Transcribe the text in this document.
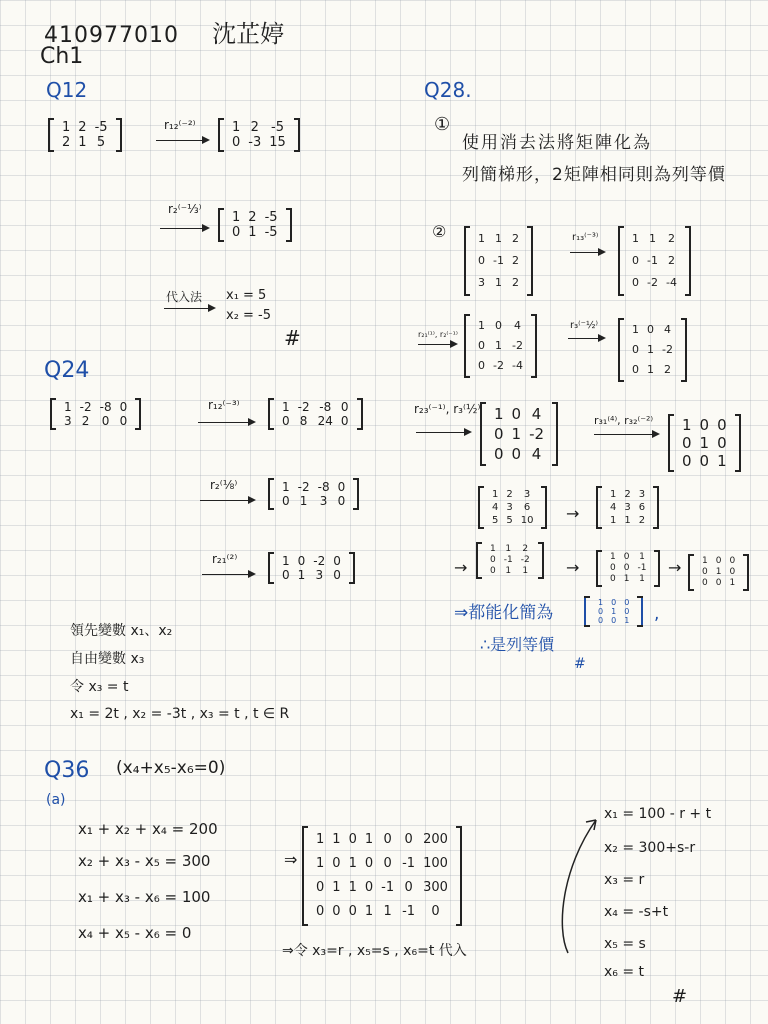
410977010 沈芷婷
Ch1
Q12
1	2	-5
2	1	5
r₁₂⁽⁻²⁾	1	2	-5
0	-3	15
r₂⁽⁻⅓⁾
1	2	-5
0	1	-5
代入法 x₁ = 5
x₂ = -5
#
Q24
1	-2	-8	0
3	2	0	0
r₁₂⁽⁻³⁾	1	-2	-8	0
0	8	24	0
r₂⁽⅛⁾	1	-2	-8	0
0	1	3	0
r₂₁⁽²⁾	1	0	-2	0
0	1	3	0
領先變數 x₁、x₂
自由變數 x₃
令 x₃ = t
x₁ = 2t , x₂ = -3t , x₃ = t , t ∈ R
Q28.
①
使用消去法將矩陣化為
列簡梯形，2矩陣相同則為列等價
②	1	1	2
0	-1	2
3	1	2
r₁₃⁽⁻³⁾	1	1	2
0	-1	2
0	-2	-4
r₂₁⁽¹⁾, r₂⁽⁻¹⁾
1	0	4
0	1	-2
0	-2	-4
r₃⁽⁻½⁾	1	0	4
0	1	-2
0	1	2
r₂₃⁽⁻¹⁾, r₃⁽½⁾ 1	0	4
0	1	-2
0	0	4
r₃₁⁽⁴⁾, r₃₂⁽⁻²⁾ 1	0	0
0	1	0
0	0	1
1	2	3
4	3	6
5	5	10 →
1	2	3
4	3	6
1	1	2
→
1	1	2
0	-1	-2
0	1	1 →
1	0	1
0	0	-1
0	1	1
→ 1	0	0
0	1	0
0	0	1
⇒都能化簡為
1	0	0
0	1	0
0	0	1 ,
∴是列等價
#
Q36 (x₄+x₅-x₆=0)
(a)
x₁ + x₂ + x₄ = 200
x₂ + x₃ - x₅ = 300
x₁ + x₃ - x₆ = 100
x₄ + x₅ - x₆ = 0
⇒
1	1	0	1	0	0	200
1	0	1	0	0	-1	100
0	1	1	0	-1	0	300
0	0	0	1	1	-1	0
⇒令 x₃=r , x₅=s , x₆=t 代入
x₁ = 100 - r + t
x₂ = 300+s-r
x₃ = r
x₄ = -s+t
x₅ = s
x₆ = t
#
